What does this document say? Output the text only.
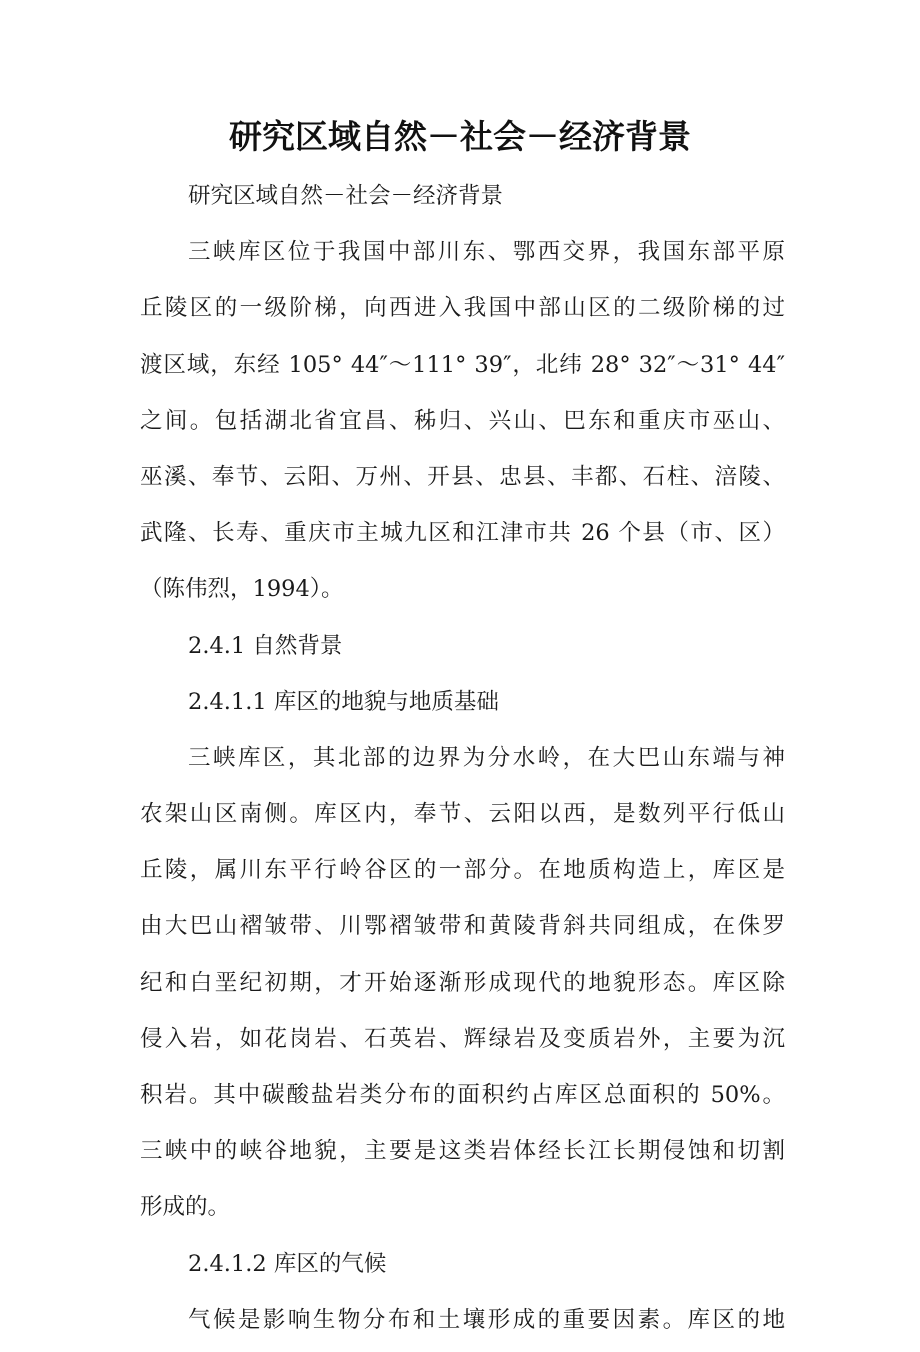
研究区域自然－社会－经济背景
研究区域自然－社会－经济背景
三峡库区位于我国中部川东、鄂西交界，我国东部平原
丘陵区的一级阶梯，向西进入我国中部山区的二级阶梯的过
渡区域，东经 105° 44″～111° 39″，北纬 28° 32″～31° 44″
之间。包括湖北省宜昌、秭归、兴山、巴东和重庆市巫山、
巫溪、奉节、云阳、万州、开县、忠县、丰都、石柱、涪陵、
武隆、长寿、重庆市主城九区和江津市共 26 个县（市、区）
（陈伟烈，1994）。
2.4.1 自然背景
2.4.1.1 库区的地貌与地质基础
三峡库区，其北部的边界为分水岭，在大巴山东端与神
农架山区南侧。库区内，奉节、云阳以西，是数列平行低山
丘陵，属川东平行岭谷区的一部分。在地质构造上，库区是
由大巴山褶皱带、川鄂褶皱带和黄陵背斜共同组成，在侏罗
纪和白垩纪初期，才开始逐渐形成现代的地貌形态。库区除
侵入岩，如花岗岩、石英岩、辉绿岩及变质岩外，主要为沉
积岩。其中碳酸盐岩类分布的面积约占库区总面积的 50%。
三峡中的峡谷地貌，主要是这类岩体经长江长期侵蚀和切割
形成的。
2.4.1.2 库区的气候
气候是影响生物分布和土壤形成的重要因素。库区的地
